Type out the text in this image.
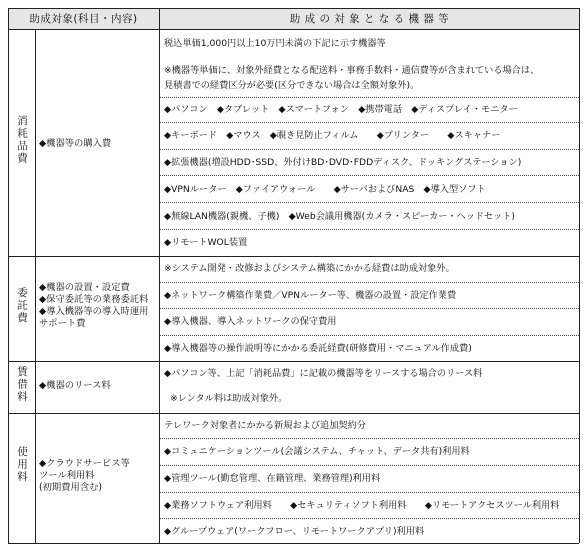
助成対象(科目・内容)	助 成 の 対 象 と な る 機 器 等
消耗品費 ◆機器等の購入費
税込単価1,000円以上10万円未満の下記に示す機器等
※機器等単価に、対象外経費となる配送料・事務手数料・通信費等が含まれている場合は、
見積書での経費区分が必要(区分できない場合は全額対象外)。
◆パソコン　◆タブレット　◆スマートフォン　◆携帯電話　◆ディスプレイ・モニター
◆キーボード　◆マウス　◆覗き見防止フィルム　　◆プリンター　　◆スキャナー
◆拡張機器(増設HDD･SSD、外付けBD･DVD･FDDディスク、ドッキングステーション)
◆VPNルーター　◆ファイアウォール　　◆サーバおよびNAS　◆導入型ソフト
◆無線LAN機器(親機、子機)　◆Web会議用機器(カメラ・スピーカー・ヘッドセット)
◆リモートWOL装置
委託費 ◆機器の設置・設定費
◆保守委託等の業務委託料
◆導入機器等の導入時運用
サポート費
※システム開発・改修およびシステム構築にかかる経費は助成対象外。
◆ネットワーク構築作業費／VPNルーター等、機器の設置・設定作業費
◆導入機器、導入ネットワークの保守費用
◆導入機器等の操作説明等にかかる委託経費(研修費用・マニュアル作成費)
賃借料 ◆機器のリース料
◆パソコン等、上記「消耗品費」に記載の機器等をリースする場合のリース料
※レンタル料は助成対象外。
使用料 ◆クラウドサービス等
ツール利用料
(初期費用含む)
テレワーク対象者にかかる新規および追加契約分
◆コミュニケーションツール(会議システム、チャット、データ共有)利用料
◆管理ツール(勤怠管理、在籍管理、業務管理)利用料
◆業務ソフトウェア利用料　　◆セキュリティソフト利用料　　◆リモートアクセスツール利用料
◆グループウェア(ワークフロー、リモートワークアプリ)利用料
